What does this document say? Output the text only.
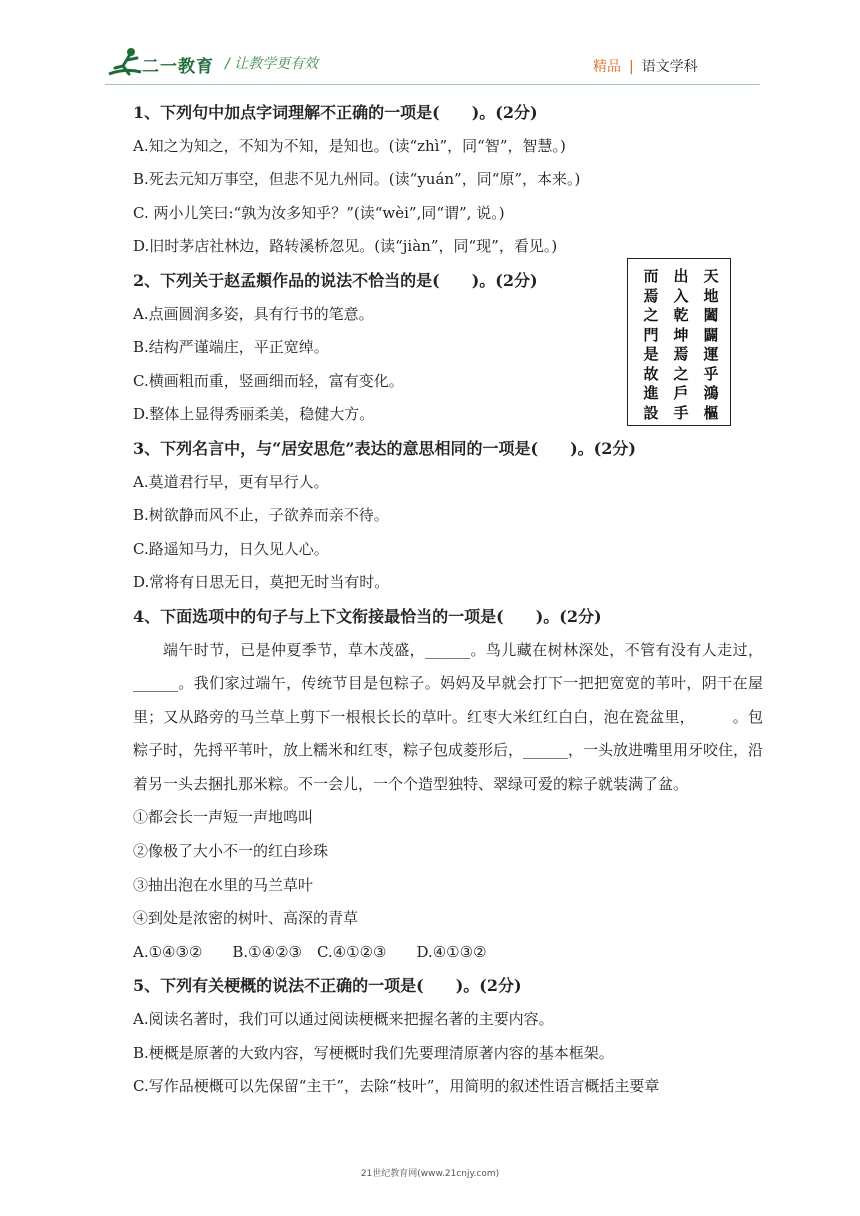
二一教育 / 让教学更有效	精品 | 语文学科
1、下列句中加点字词理解不正确的一项是(　　)。(2分)
A.知之为知之，不知为不知，是知也。(读“zhì”，同“智”，智慧。)
B.死去元知万事空，但悲不见九州同。(读“yuán”，同“原”，本来。)
C. 两小儿笑曰:“孰为汝多知乎？”(读“wèi”,同“谓”, 说。)
D.旧时茅店社林边，路转溪桥忽见。(读“jiàn”，同“现”，看见。)
2、下列关于赵孟頫作品的说法不恰当的是(　　)。(2分)
A.点画圆润多姿，具有行书的笔意。
B.结构严谨端庄，平正宽绰。
C.横画粗而重，竖画细而轻，富有变化。
D.整体上显得秀丽柔美，稳健大方。
3、下列名言中，与“居安思危”表达的意思相同的一项是(　　)。(2分)
A.莫道君行早，更有早行人。
B.树欲静而风不止，子欲养而亲不待。
C.路遥知马力，日久见人心。
D.常将有日思无日，莫把无时当有时。
4、下面选项中的句子与上下文衔接最恰当的一项是(　　)。(2分)

端午时节，已是仲夏季节，草木茂盛，______。鸟儿藏在树林深处，不管有没有人走过，______。我们家过端午，传统节目是包粽子。妈妈及早就会打下一把把宽宽的苇叶，阴干在屋里；又从路旁的马兰草上剪下一根根长长的草叶。红枣大米红红白白，泡在瓷盆里，　　　。包粽子时，先捋平苇叶，放上糯米和红枣，粽子包成菱形后，______，一头放进嘴里用牙咬住，沿着另一头去捆扎那米粽。不一会儿，一个个造型独特、翠绿可爱的粽子就装满了盆。

①都会长一声短一声地鸣叫
②像极了大小不一的红白珍珠
③抽出泡在水里的马兰草叶
④到处是浓密的树叶、高深的青草
A.①④③②　　B.①④②③　C.④①②③　　D.④①③②
5、下列有关梗概的说法不正确的一项是(　　)。(2分)
A.阅读名著时，我们可以通过阅读梗概来把握名著的主要内容。
B.梗概是原著的大致内容，写梗概时我们先要理清原著内容的基本框架。
C.写作品梗概可以先保留“主干”，去除“枝叶”，用简明的叙述性语言概括主要章
天地闔闢運乎鴻樞
出入乾坤焉之戶手
而焉之門是故進設
21世纪教育网(www.21cnjy.com)
